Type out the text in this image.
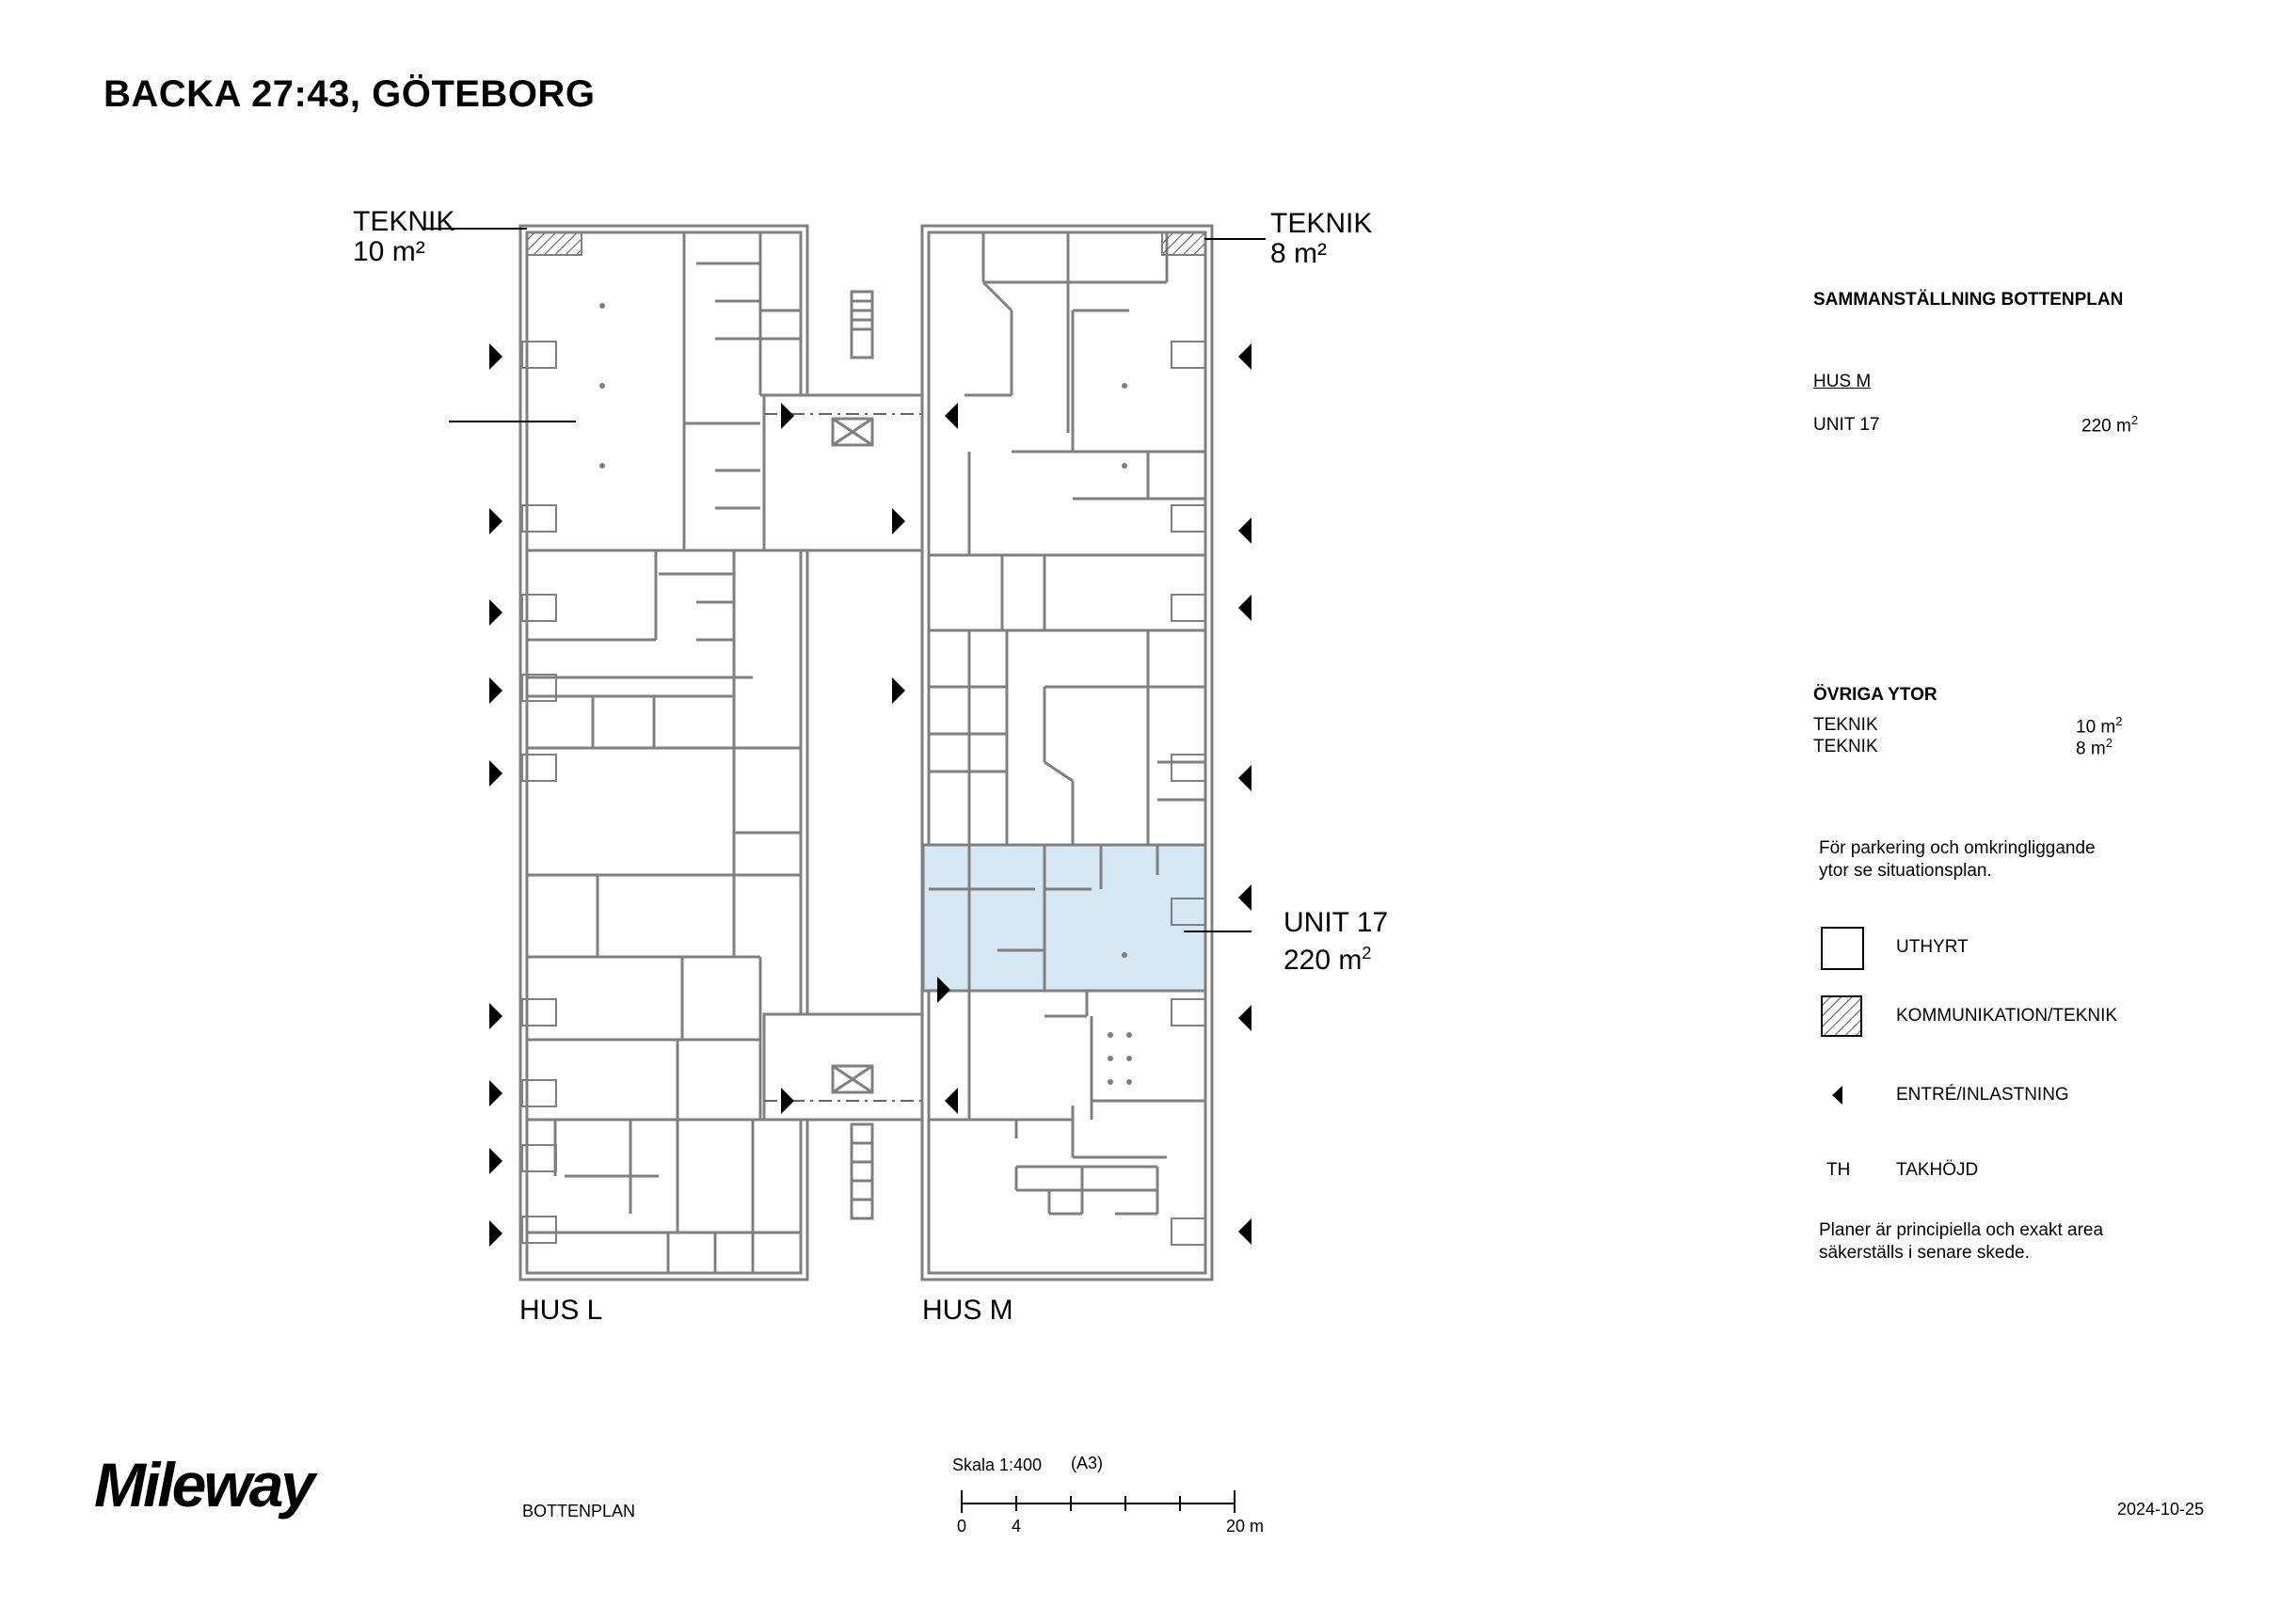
BACKA 27:43, GÖTEBORG
TEKNIK
10 m²
TEKNIK
8 m²
UNIT 17
220 $m^2$
HUS L	HUS M
SAMMANSTÄLLNING BOTTENPLAN
HUS M
UNIT 17	220 $m^2$
ÖVRIGA YTOR
TEKNIK	10 $m^2$
TEKNIK	8 $m^2$
För parkering och omkringliggande ytor se situationsplan.
UTHYRT
KOMMUNIKATION/TEKNIK
ENTRÉ/INLASTNING
TH	TAKHÖJD
Planer är principiella och exakt area säkerställs i senare skede.
Mileway	BOTTENPLAN
Skala 1:400 (A3)
0	4	20 m
2024-10-25
